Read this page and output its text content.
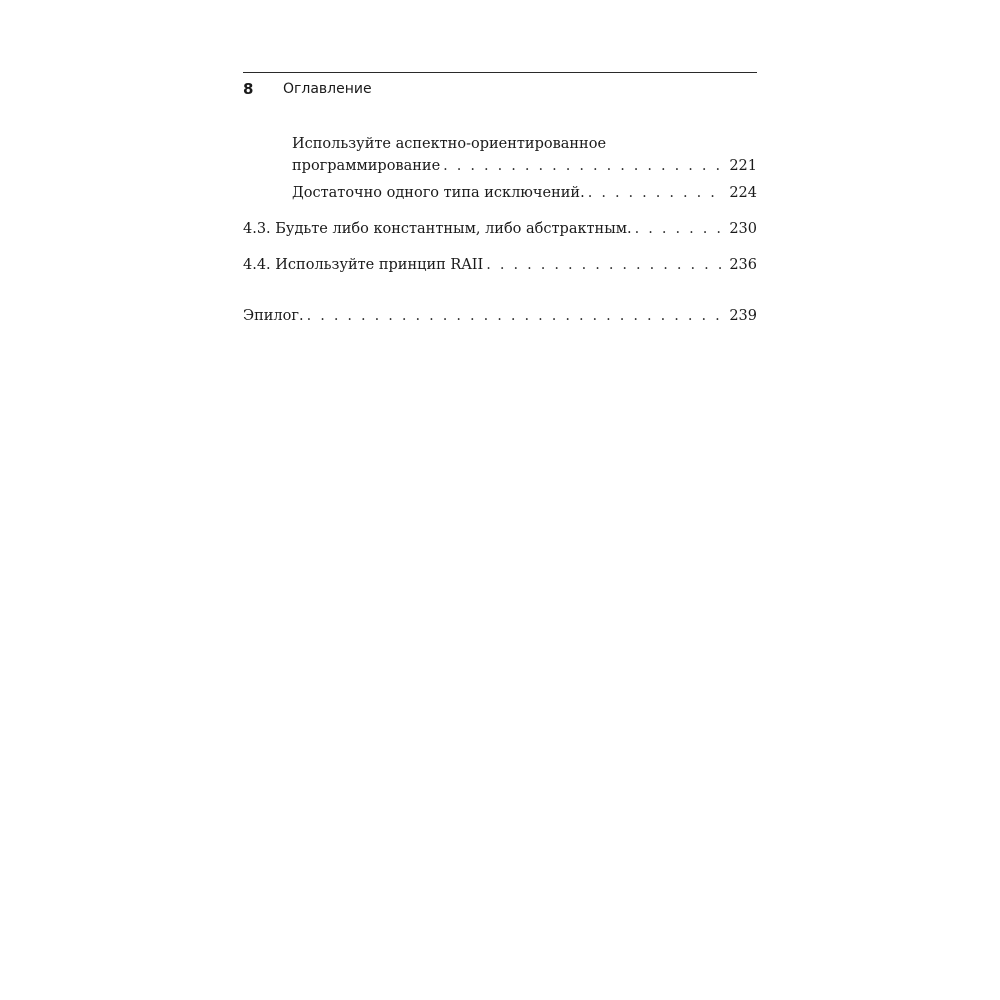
8 Оглавление
Используйте аспектно-ориентированное
программирование . . .	221
Достаточно одного типа исключений. . . .	224
4.3. Будьте либо константным, либо абстрактным. . . .	230
4.4. Используйте принцип RAII . . .	236
Эпилог. . . .	239
